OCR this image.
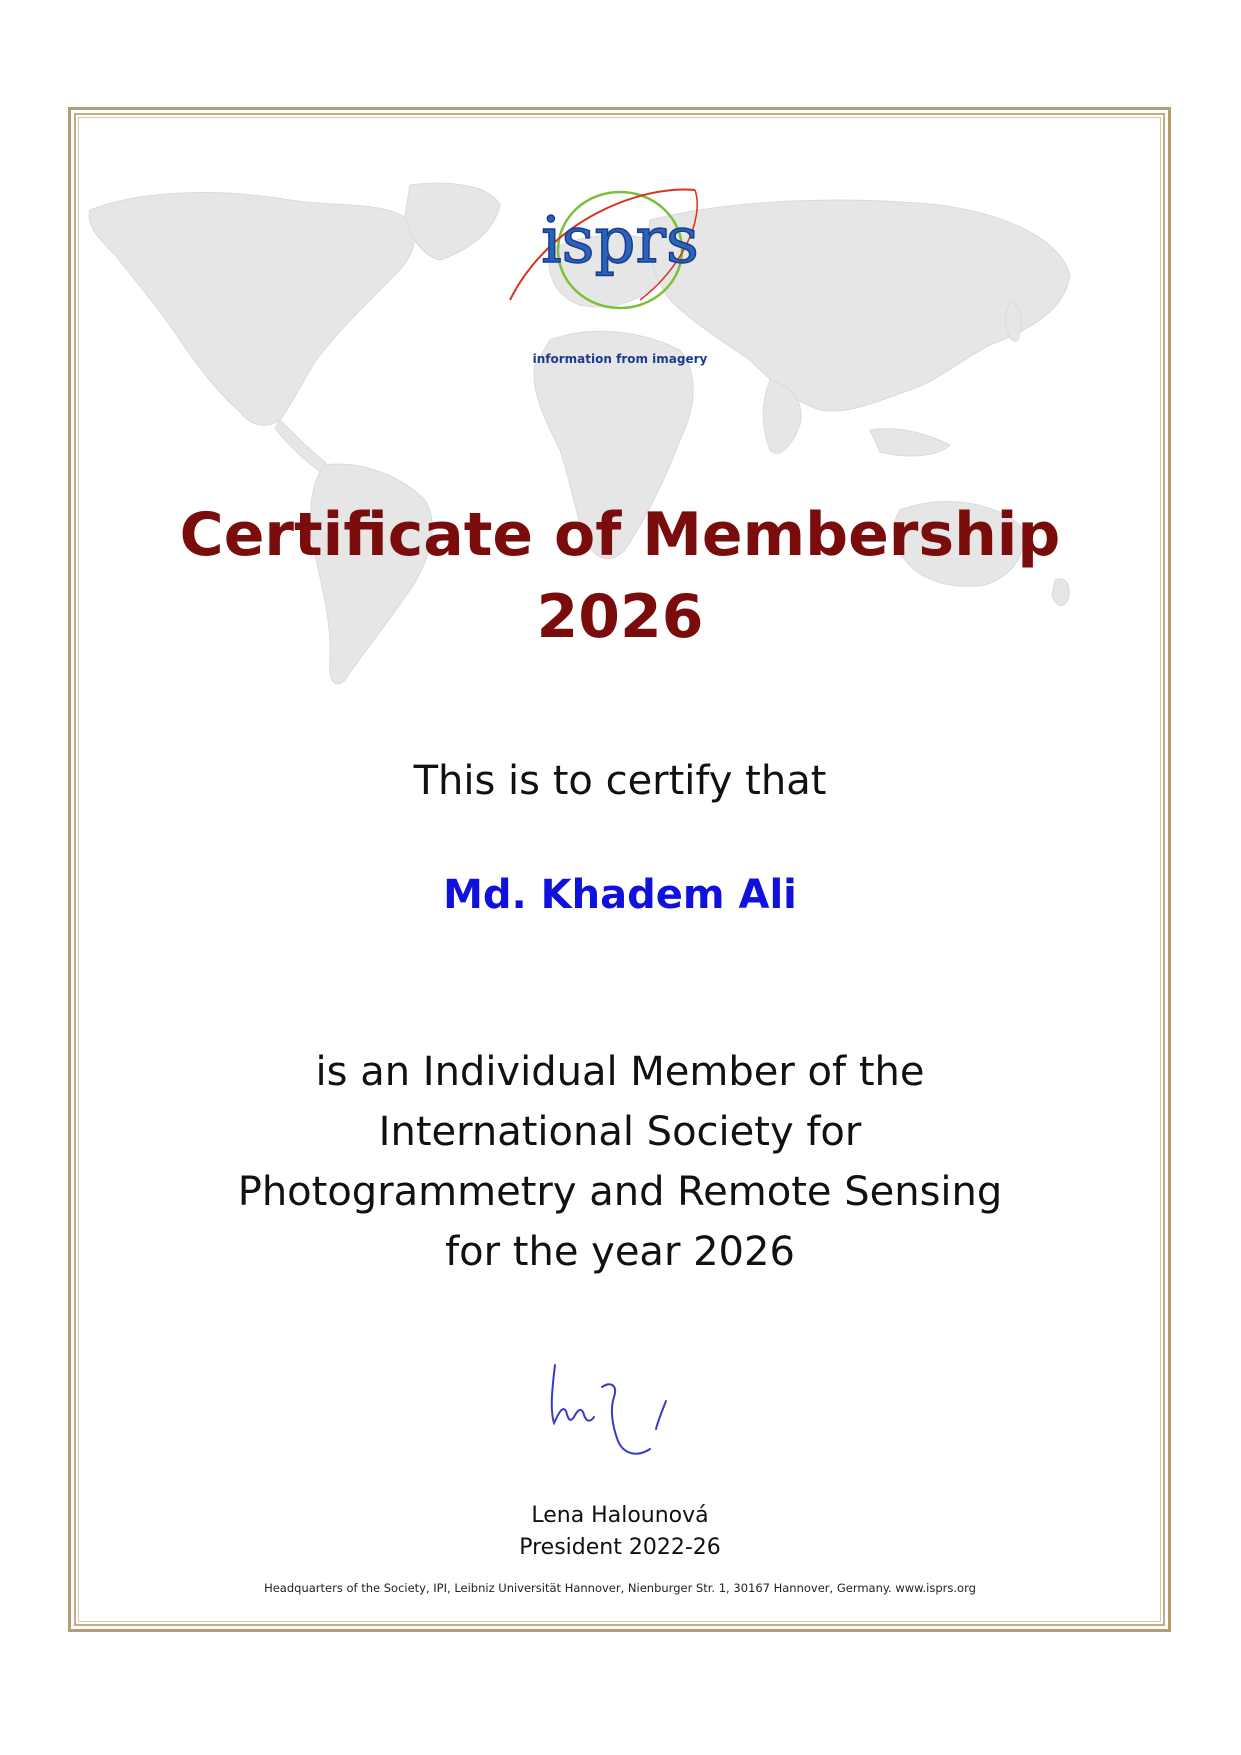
isprs
information from imagery
Certificate of Membership
2026
This is to certify that
Md. Khadem Ali
is an Individual Member of the
International Society for
Photogrammetry and Remote Sensing
for the year 2026
Lena Halounová
President 2022-26
Headquarters of the Society, IPI, Leibniz Universität Hannover, Nienburger Str. 1, 30167 Hannover, Germany. www.isprs.org
